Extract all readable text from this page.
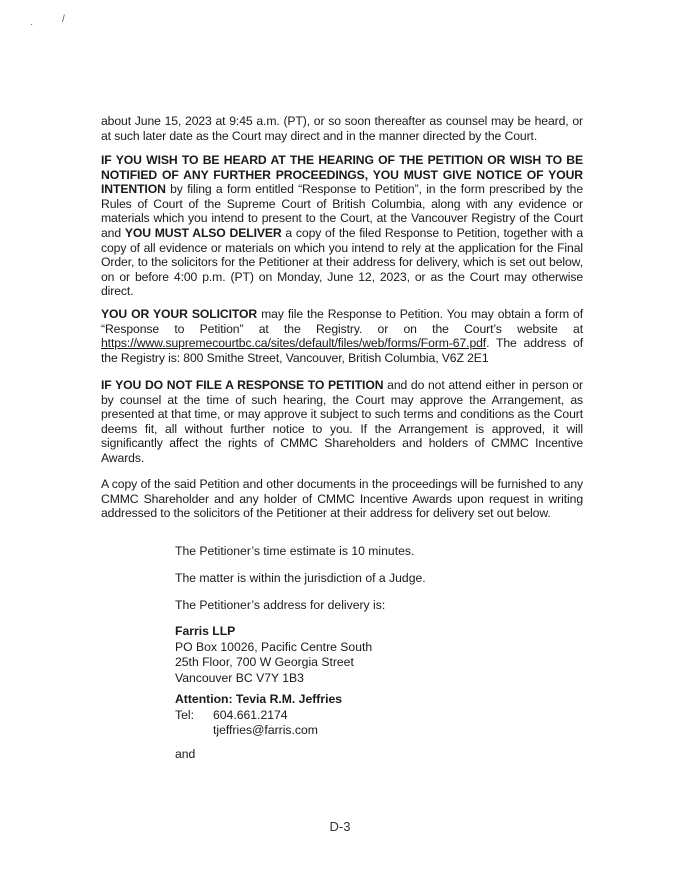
·	/
about June 15, 2023 at 9:45 a.m. (PT), or so soon thereafter as counsel may be heard, or at such later date as the Court may direct and in the manner directed by the Court.
IF YOU WISH TO BE HEARD AT THE HEARING OF THE PETITION OR WISH TO BE NOTIFIED OF ANY FURTHER PROCEEDINGS, YOU MUST GIVE NOTICE OF YOUR INTENTION by filing a form entitled “Response to Petition”, in the form prescribed by the Rules of Court of the Supreme Court of British Columbia, along with any evidence or materials which you intend to present to the Court, at the Vancouver Registry of the Court and YOU MUST ALSO DELIVER a copy of the filed Response to Petition, together with a copy of all evidence or materials on which you intend to rely at the application for the Final Order, to the solicitors for the Petitioner at their address for delivery, which is set out below, on or before 4:00 p.m. (PT) on Monday, June 12, 2023, or as the Court may otherwise direct.
YOU OR YOUR SOLICITOR may file the Response to Petition. You may obtain a form of “Response to Petition” at the Registry. or on the Court’s website at https://www.supremecourtbc.ca/sites/default/files/web/forms/Form-67.pdf. The address of the Registry is: 800 Smithe Street, Vancouver, British Columbia, V6Z 2E1
IF YOU DO NOT FILE A RESPONSE TO PETITION and do not attend either in person or by counsel at the time of such hearing, the Court may approve the Arrangement, as presented at that time, or may approve it subject to such terms and conditions as the Court deems fit, all without further notice to you. If the Arrangement is approved, it will significantly affect the rights of CMMC Shareholders and holders of CMMC Incentive Awards.
A copy of the said Petition and other documents in the proceedings will be furnished to any CMMC Shareholder and any holder of CMMC Incentive Awards upon request in writing addressed to the solicitors of the Petitioner at their address for delivery set out below.
The Petitioner’s time estimate is 10 minutes.
The matter is within the jurisdiction of a Judge.
The Petitioner’s address for delivery is:
Farris LLP
PO Box 10026, Pacific Centre South
25th Floor, 700 W Georgia Street
Vancouver BC V7Y 1B3
Attention: Tevia R.M. Jeffries
Tel:	604.661.2174
tjeffries@farris.com
and
D-3
